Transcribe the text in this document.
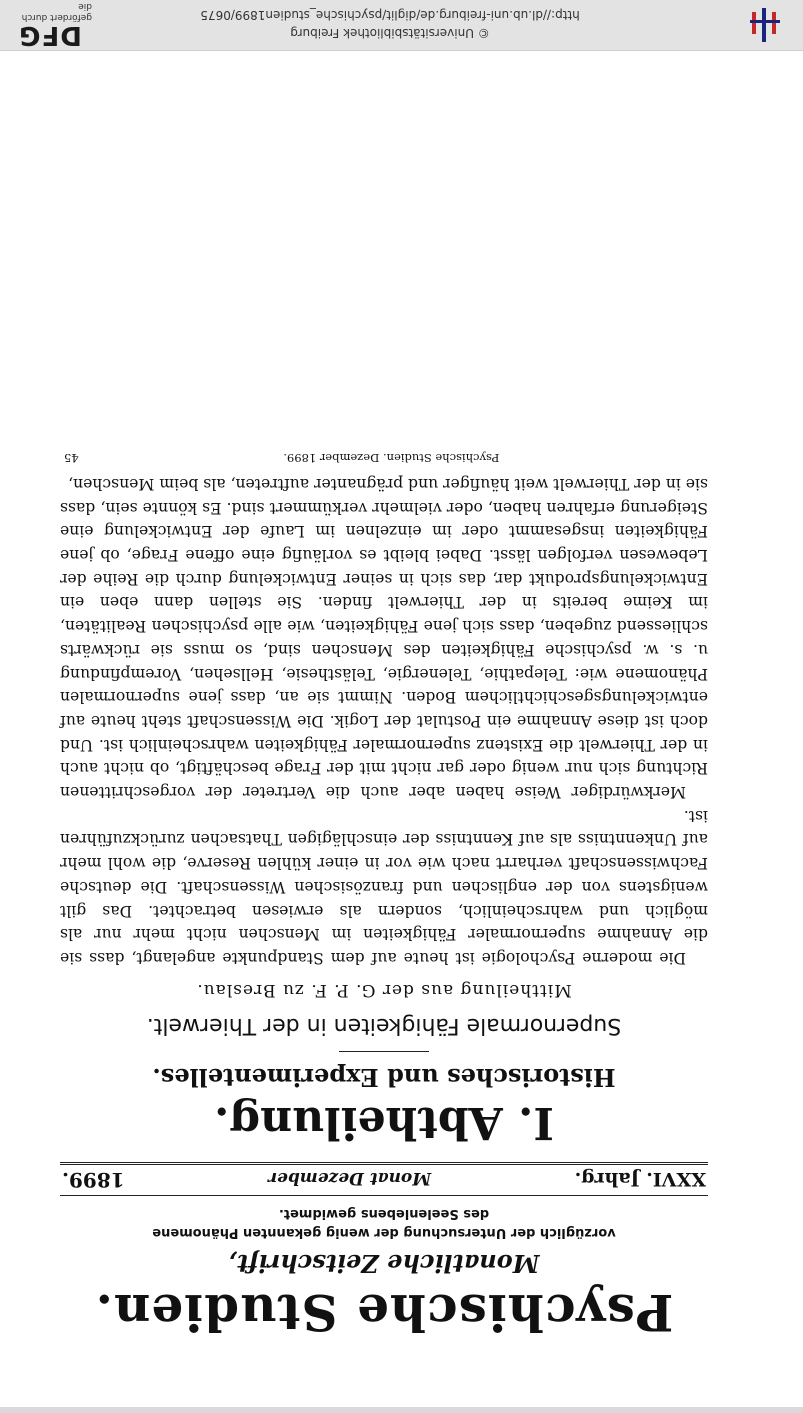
DFG
gefördert durch die
© Universitätsbibliothek Freiburg
http://dl.ub.uni-freiburg.de/diglit/psychische_studien1899/0675
Psychische Studien.
Monatliche Zeitschrift,
vorzüglich der Untersuchung der wenig gekannten Phänomene
des Seelenlebens gewidmet.
XXVI. Jahrg.
Monat Dezember
1899.
I. Abtheilung.
Historisches und Experimentelles.
Supernormale Fähigkeiten in der Thierwelt.
Mittheilung aus der G. P. F. zu Breslau.

Die moderne Psychologie ist heute auf dem Standpunkte angelangt, dass sie die Annahme supernormaler Fähigkeiten im Menschen nicht mehr nur als möglich und wahrscheinlich, sondern als erwiesen betrachtet. Das gilt wenigstens von der englischen und französischen Wissenschaft. Die deutsche Fachwissenschaft verharrt nach wie vor in einer kühlen Reserve, die wohl mehr auf Unkenntniss als auf Kenntniss der einschlägigen Thatsachen zurückzuführen ist.

Merkwürdiger Weise haben aber auch die Vertreter der vorgeschrittenen Richtung sich nur wenig oder gar nicht mit der Frage beschäftigt, ob nicht auch in der Thierwelt die Existenz supernormaler Fähigkeiten wahrscheinlich ist. Und doch ist diese Annahme ein Postulat der Logik. Die Wissenschaft steht heute auf entwickelungsgeschichtlichem Boden. Nimmt sie an, dass jene supernormalen Phänomene wie: Telepathie, Telenergie, Telästhesie, Hellsehen, Vorempfindung u. s. w. psychische Fähigkeiten des Menschen sind, so muss sie rückwärts schliessend zugeben, dass sich jene Fähigkeiten, wie alle psychischen Realitäten, im Keime bereits in der Thierwelt finden. Sie stellen dann eben ein Entwickelungsprodukt dar, das sich in seiner Entwickelung durch die Reihe der Lebewesen verfolgen lässt. Dabei bleibt es vorläufig eine offene Frage, ob jene Fähigkeiten insgesammt oder im einzelnen im Laufe der Entwickelung eine Steigerung erfahren haben, oder vielmehr verkümmert sind. Es könnte sein, dass sie in der Thierwelt weit häufiger und prägnanter auftreten, als beim Menschen,

Psychische Studien. Dezember 1899.
45
